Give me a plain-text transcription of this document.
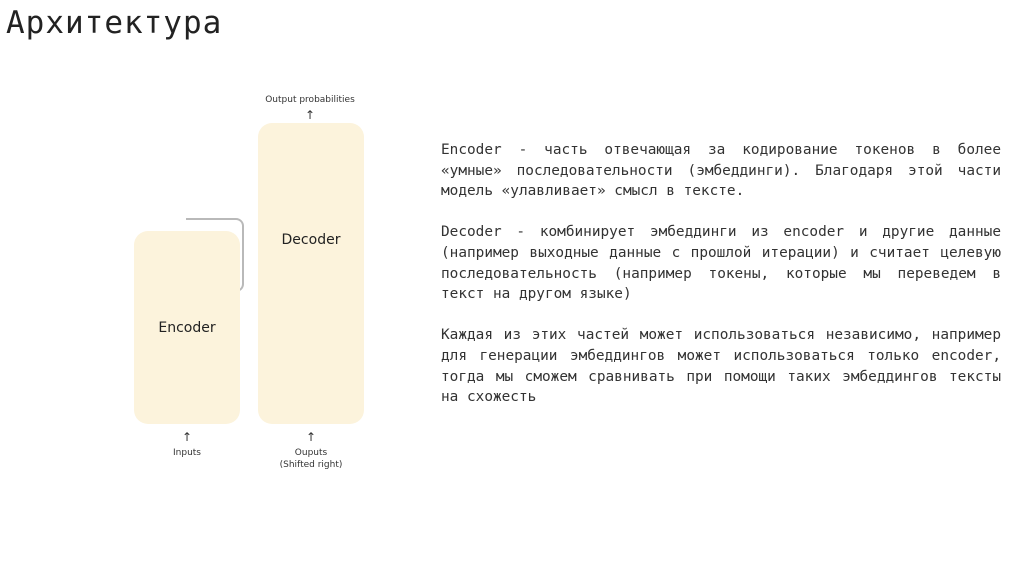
Архитектура
Output probabilities
↑
Encoder
Decoder
↑
Inputs
↑
Ouputs
(Shifted right)

Encoder - часть отвечающая за кодирование токенов в более «умные» последовательности (эмбеддинги). Благодаря этой части модель «улавливает» смысл в тексте.

Decoder - комбинирует эмбеддинги из encoder и другие данные (например выходные данные с прошлой итерации) и считает целевую последовательность (например токены, которые мы переведем в текст на другом языке)

Каждая из этих частей может использоваться независимо, например для генерации эмбеддингов может использоваться только encoder, тогда мы сможем сравнивать при помощи таких эмбеддингов тексты на схожесть
